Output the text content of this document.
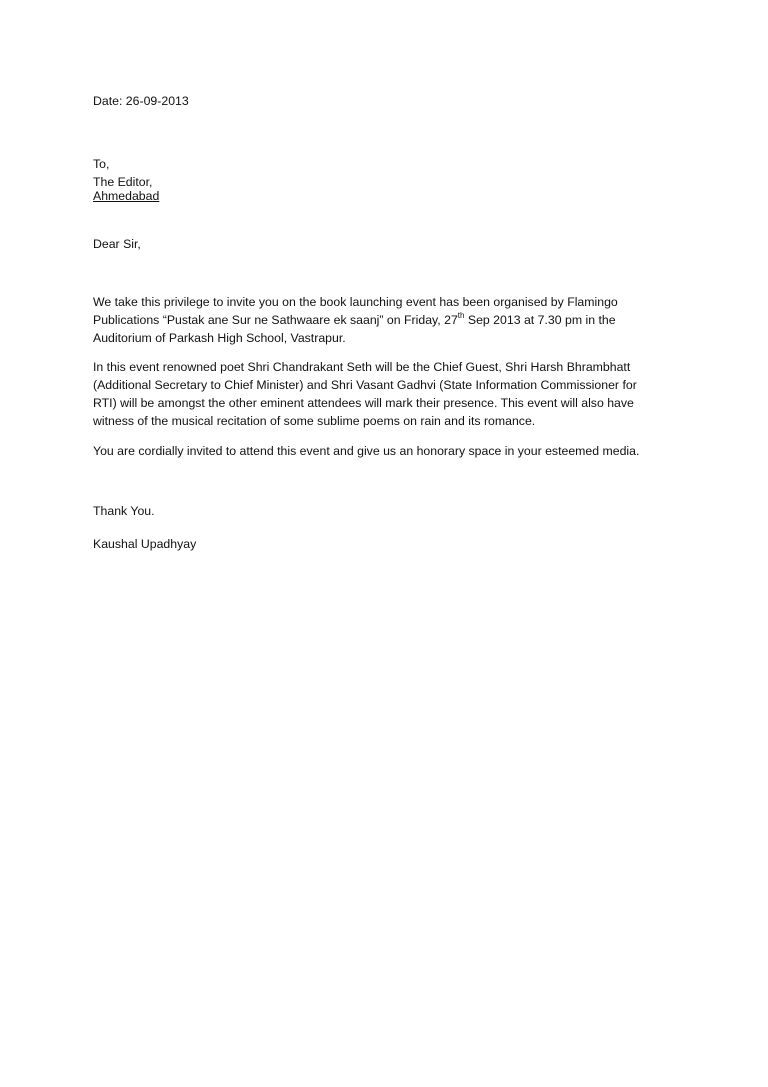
Date: 26-09-2013
To,
The Editor,
Ahmedabad
Dear Sir,
We take this privilege to invite you on the book launching event has been organised by Flamingo
Publications “Pustak ane Sur ne Sathwaare ek saanj” on Friday, 27th Sep 2013 at 7.30 pm in the
Auditorium of Parkash High School, Vastrapur.
In this event renowned poet Shri Chandrakant Seth will be the Chief Guest, Shri Harsh Bhrambhatt
(Additional Secretary to Chief Minister) and Shri Vasant Gadhvi (State Information Commissioner for
RTI) will be amongst the other eminent attendees will mark their presence. This event will also have
witness of the musical recitation of some sublime poems on rain and its romance.
You are cordially invited to attend this event and give us an honorary space in your esteemed media.
Thank You.
Kaushal Upadhyay
